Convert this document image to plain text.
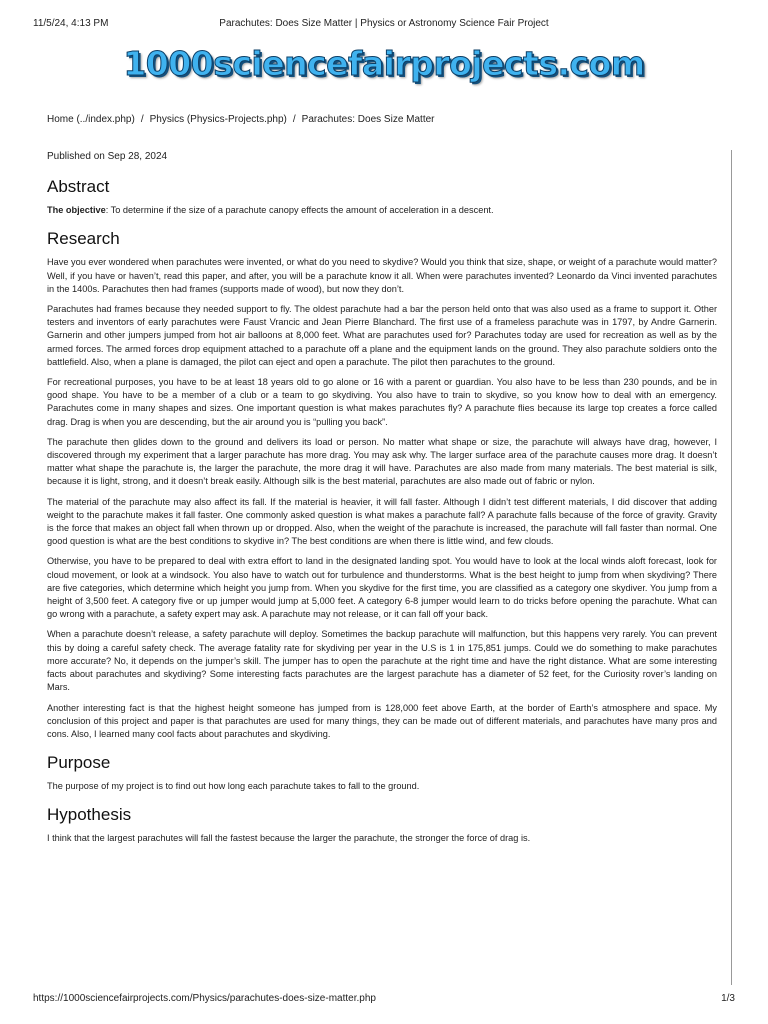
11/5/24, 4:13 PM	Parachutes: Does Size Matter | Physics or Astronomy Science Fair Project
1000sciencefairprojects.com
Home (../index.php) / Physics (Physics-Projects.php) / Parachutes: Does Size Matter

Published on Sep 28, 2024

Abstract

The objective: To determine if the size of a parachute canopy effects the amount of acceleration in a descent.

Research

Have you ever wondered when parachutes were invented, or what do you need to skydive? Would you think that size, shape, or weight of a parachute would matter? Well, if you have or haven’t, read this paper, and after, you will be a parachute know it all. When were parachutes invented? Leonardo da Vinci invented parachutes in the 1400s. Parachutes then had frames (supports made of wood), but now they don’t.

Parachutes had frames because they needed support to fly. The oldest parachute had a bar the person held onto that was also used as a frame to support it. Other testers and inventors of early parachutes were Faust Vrancic and Jean Pierre Blanchard. The first use of a frameless parachute was in 1797, by Andre Garnerin. Garnerin and other jumpers jumped from hot air balloons at 8,000 feet. What are parachutes used for? Parachutes today are used for recreation as well as by the armed forces. The armed forces drop equipment attached to a parachute off a plane and the equipment lands on the ground. They also parachute soldiers onto the battlefield. Also, when a plane is damaged, the pilot can eject and open a parachute. The pilot then parachutes to the ground.

For recreational purposes, you have to be at least 18 years old to go alone or 16 with a parent or guardian. You also have to be less than 230 pounds, and be in good shape. You have to be a member of a club or a team to go skydiving. You also have to train to skydive, so you know how to deal with an emergency. Parachutes come in many shapes and sizes. One important question is what makes parachutes fly? A parachute flies because its large top creates a force called drag. Drag is when you are descending, but the air around you is “pulling you back”.

The parachute then glides down to the ground and delivers its load or person. No matter what shape or size, the parachute will always have drag, however, I discovered through my experiment that a larger parachute has more drag. You may ask why. The larger surface area of the parachute causes more drag. It doesn’t matter what shape the parachute is, the larger the parachute, the more drag it will have. Parachutes are also made from many materials. The best material is silk, because it is light, strong, and it doesn’t break easily. Although silk is the best material, parachutes are also made out of fabric or nylon.

The material of the parachute may also affect its fall. If the material is heavier, it will fall faster. Although I didn’t test different materials, I did discover that adding weight to the parachute makes it fall faster. One commonly asked question is what makes a parachute fall? A parachute falls because of the force of gravity. Gravity is the force that makes an object fall when thrown up or dropped. Also, when the weight of the parachute is increased, the parachute will fall faster than normal. One good question is what are the best conditions to skydive in? The best conditions are when there is little wind, and few clouds.

Otherwise, you have to be prepared to deal with extra effort to land in the designated landing spot. You would have to look at the local winds aloft forecast, look for cloud movement, or look at a windsock. You also have to watch out for turbulence and thunderstorms. What is the best height to jump from when skydiving? There are five categories, which determine which height you jump from. When you skydive for the first time, you are classified as a category one skydiver. You jump from a height of 3,500 feet. A category five or up jumper would jump at 5,000 feet. A category 6-8 jumper would learn to do tricks before opening the parachute. What can go wrong with a parachute, a safety expert may ask. A parachute may not release, or it can fall off your back.

When a parachute doesn’t release, a safety parachute will deploy. Sometimes the backup parachute will malfunction, but this happens very rarely. You can prevent this by doing a careful safety check. The average fatality rate for skydiving per year in the U.S is 1 in 175,851 jumps. Could we do something to make parachutes more accurate? No, it depends on the jumper’s skill. The jumper has to open the parachute at the right time and have the right distance. What are some interesting facts about parachutes and skydiving? Some interesting facts parachutes are the largest parachute has a diameter of 52 feet, for the Curiosity rover’s landing on Mars.

Another interesting fact is that the highest height someone has jumped from is 128,000 feet above Earth, at the border of Earth’s atmosphere and space. My conclusion of this project and paper is that parachutes are used for many things, they can be made out of different materials, and parachutes have many pros and cons. Also, I learned many cool facts about parachutes and skydiving.

Purpose

The purpose of my project is to find out how long each parachute takes to fall to the ground.

Hypothesis

I think that the largest parachutes will fall the fastest because the larger the parachute, the stronger the force of drag is.

https://1000sciencefairprojects.com/Physics/parachutes-does-size-matter.php	1/3
